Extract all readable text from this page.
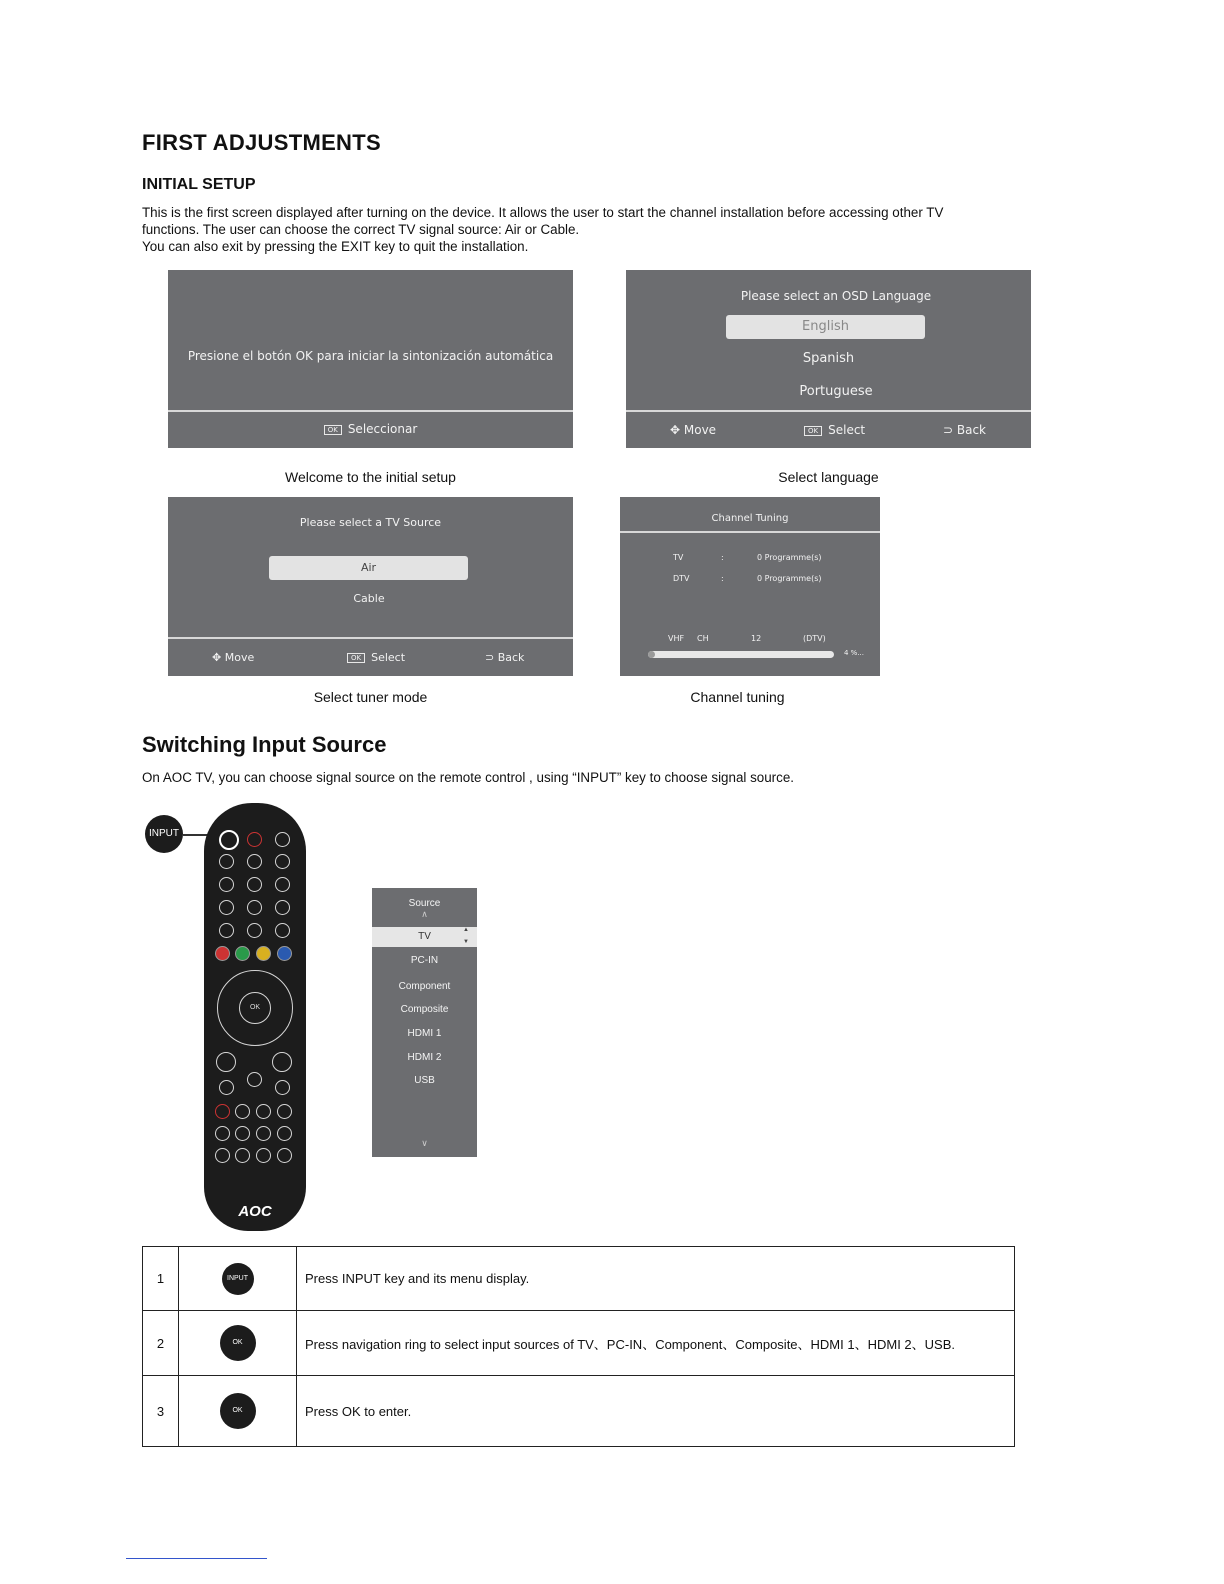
FIRST ADJUSTMENTS
INITIAL SETUP

This is the first screen displayed after turning on the device. It allows the user to start the channel installation before accessing other TV

functions. The user can choose the correct TV signal source: Air or Cable.

You can also exit by pressing the EXIT key to quit the installation.

Presione el botón OK para iniciar la sintonización automática
OK Seleccionar
Welcome to the initial setup
Please select an OSD Language
English
Spanish
Portuguese
✥ Move	OK Select	⊃ Back
Select language
Please select a TV Source
Air
Cable
✥ Move	OK Select	⊃ Back
Select tuner mode
Channel Tuning
TV	:	0 Programme(s)
DTV	:	0 Programme(s)
VHF CH	12	(DTV)
4 %...
Channel tuning
Switching Input Source
On AOC TV, you can choose signal source on the remote control , using “INPUT” key to choose signal source.
INPUT
OK
AOC
Source
∧
TV
▲
▼
PC-IN
Component
Composite
HDMI 1
HDMI 2
USB
∨
1	INPUT	Press INPUT key and its menu display.
2	OK	Press navigation ring to select input sources of TV、PC-IN、Component、Composite、HDMI 1、HDMI 2、USB.
3	OK	Press OK to enter.
